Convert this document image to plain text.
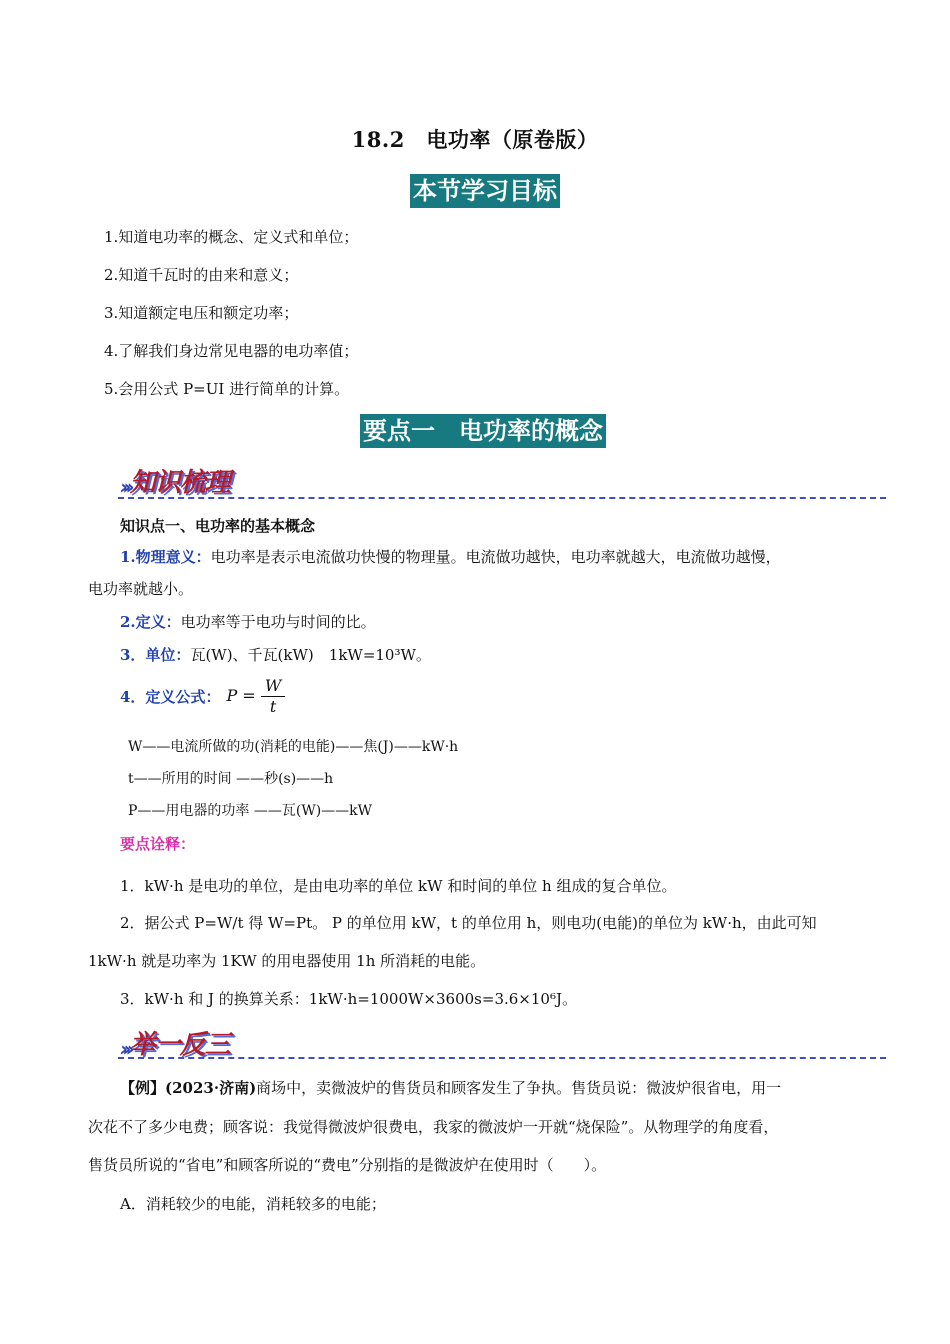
18.2　电功率（原卷版）
本节学习目标
1.知道电功率的概念、定义式和单位；
2.知道千瓦时的由来和意义；
3.知道额定电压和额定功率；
4.了解我们身边常见电器的电功率值；
5.会用公式 P=UI 进行简单的计算。
要点一　电功率的概念
››› 知识梳理
知识点一、电功率的基本概念
1.物理意义：电功率是表示电流做功快慢的物理量。电流做功越快，电功率就越大，电流做功越慢，
电功率就越小。
2.定义：电功率等于电功与时间的比。
3．单位：瓦(W)、千瓦(kW)　1kW=10³W。
4．定义公式： $P = \frac{W}{t}$
W——电流所做的功(消耗的电能)——焦(J)——kW·h
t——所用的时间 ——秒(s)——h
P——用电器的功率 ——瓦(W)——kW
要点诠释：
1．kW·h 是电功的单位，是由电功率的单位 kW 和时间的单位 h 组成的复合单位。
2．据公式 P=W/t 得 W=Pt。 P 的单位用 kW，t 的单位用 h，则电功(电能)的单位为 kW·h，由此可知
1kW·h 就是功率为 1KW 的用电器使用 1h 所消耗的电能。
3．kW·h 和 J 的换算关系：1kW·h=1000W×3600s=3.6×10⁶J。
››› 举一反三
【例】(2023·济南)商场中，卖微波炉的售货员和顾客发生了争执。售货员说：微波炉很省电，用一
次花不了多少电费；顾客说：我觉得微波炉很费电，我家的微波炉一开就“烧保险”。从物理学的角度看，
售货员所说的“省电”和顾客所说的“费电”分别指的是微波炉在使用时（　　）。
A．消耗较少的电能，消耗较多的电能；
